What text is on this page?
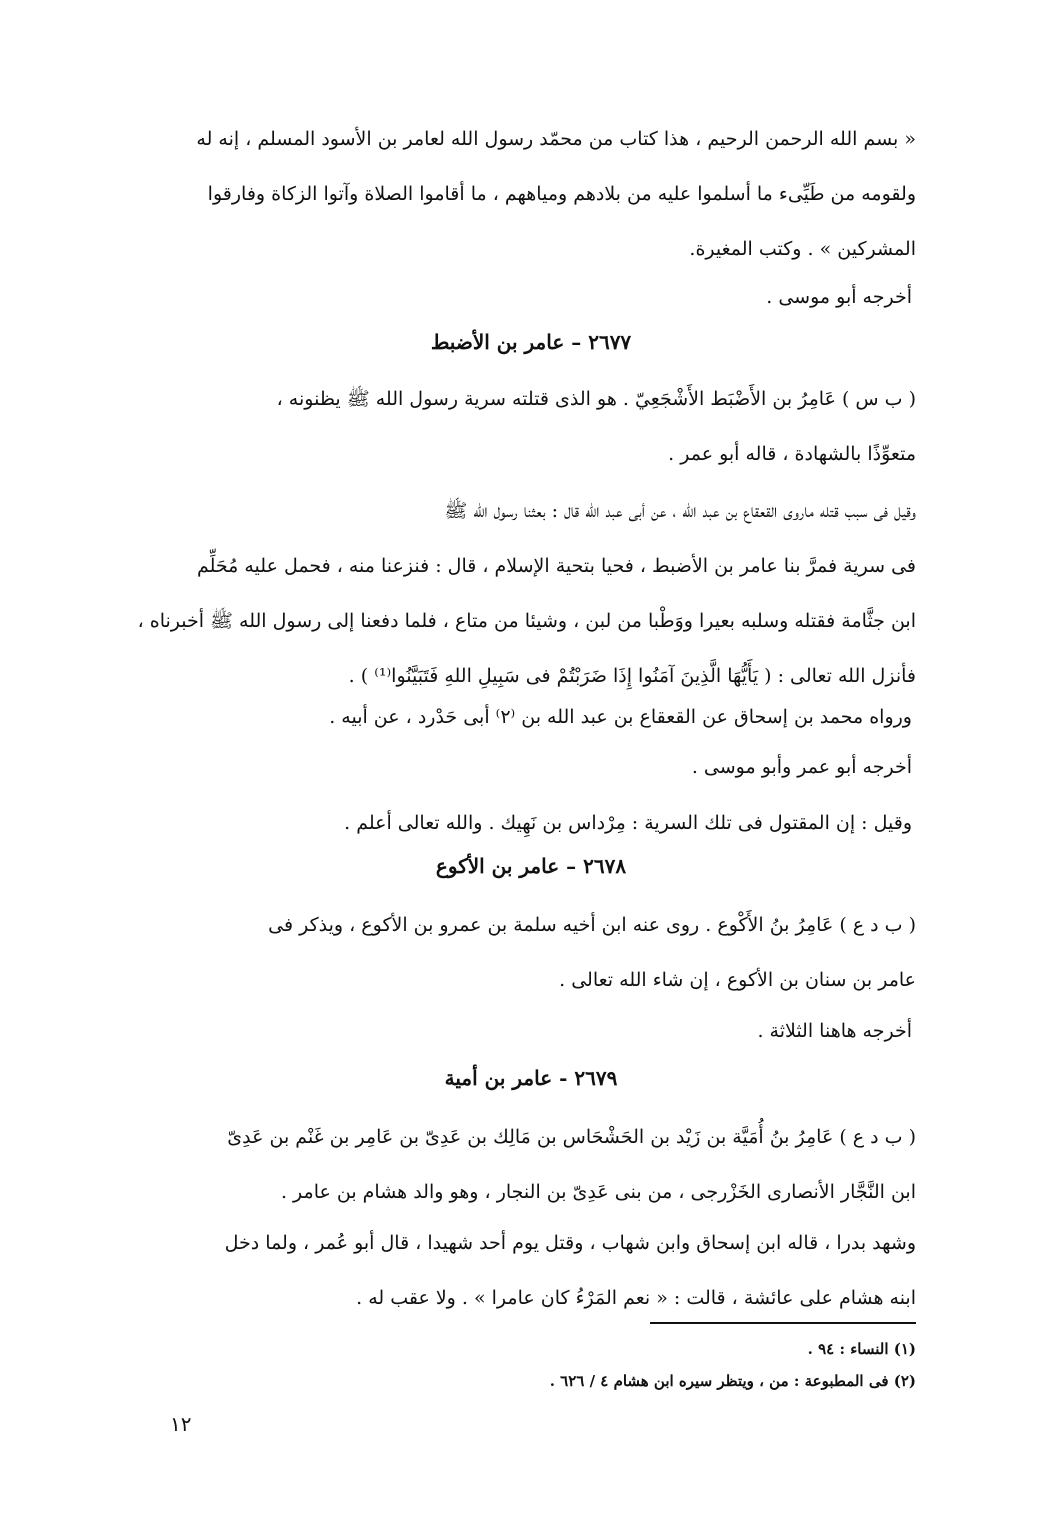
« بسم الله الرحمن الرحيم ، هذا كتاب من محمّد رسول الله لعامر بن الأسود المسلم ، إنه له
ولقومه من طَيِّىء ما أسلموا عليه من بلادهم ومياههم ، ما أقاموا الصلاة وآتوا الزكاة وفارقوا
المشركين » . وكتب المغيرة.
أخرجه أبو موسى .
٢٦٧٧ – عامر بن الأضبط
( ب س ) عَامِرُ بن الأَضْبَط الأَشْجَعِيّ . هو الذى قتلته سرية رسول الله ﷺ يظنونه ،
متعوِّذًا بالشهادة ، قاله أبو عمر .
وقيل فى سبب قتله ماروى القعقاع بن عبد الله ، عن أبى عبد الله قال : بعثنا رسول الله ﷺ
فى سرية فمرَّ بنا عامر بن الأضبط ، فحيا بتحية الإسلام ، قال : فنزعنا منه ، فحمل عليه مُحَلِّم
ابن جثَّامة فقتله وسلبه بعيرا ووَطْبا من لبن ، وشيئا من متاع ، فلما دفعنا إلى رسول الله ﷺ أخبرناه ،
فأنزل الله تعالى : ( يَأَيُّهَا الَّذِينَ آمَنُوا إِذَا ضَرَبْتُمْ فى سَبِيلِ اللهِ فَتَبَيَّنُوا⁽¹⁾ ) .
ورواه محمد بن إسحاق عن القعقاع بن عبد الله بن ⁽٢⁾ أبى حَدْرد ، عن أبيه .
أخرجه أبو عمر وأبو موسى .
وقيل : إن المقتول فى تلك السرية : مِرْداس بن نَهِيك . والله تعالى أعلم .
٢٦٧٨ – عامر بن الأكوع
( ب د ع ) عَامِرُ بنُ الأَكْوع . روى عنه ابن أخيه سلمة بن عمرو بن الأكوع ، ويذكر فى
عامر بن سنان بن الأكوع ، إن شاء الله تعالى .
أخرجه هاهنا الثلاثة .
٢٦٧٩ - عامر بن أمية
( ب د ع ) عَامِرُ بنُ أُمَيَّة بن زَيْد بن الحَشْحَاس بن مَالِك بن عَدِىّ بن عَامِر بن غَنْم بن عَدِىّ
ابن النَّجَّار الأنصارى الخَزْرجى ، من بنى عَدِىّ بن النجار ، وهو والد هشام بن عامر .
وشهد بدرا ، قاله ابن إسحاق وابن شهاب ، وقتل يوم أحد شهيدا ، قال أبو عُمر ، ولما دخل
ابنه هشام على عائشة ، قالت : « نعم المَرْءُ كان عامرا » . ولا عقب له .
(١) النساء : ٩٤ .
(٢) فى المطبوعة : من ، ويتظر سيره ابن هشام ٤ / ٦٢٦ .
١٢
